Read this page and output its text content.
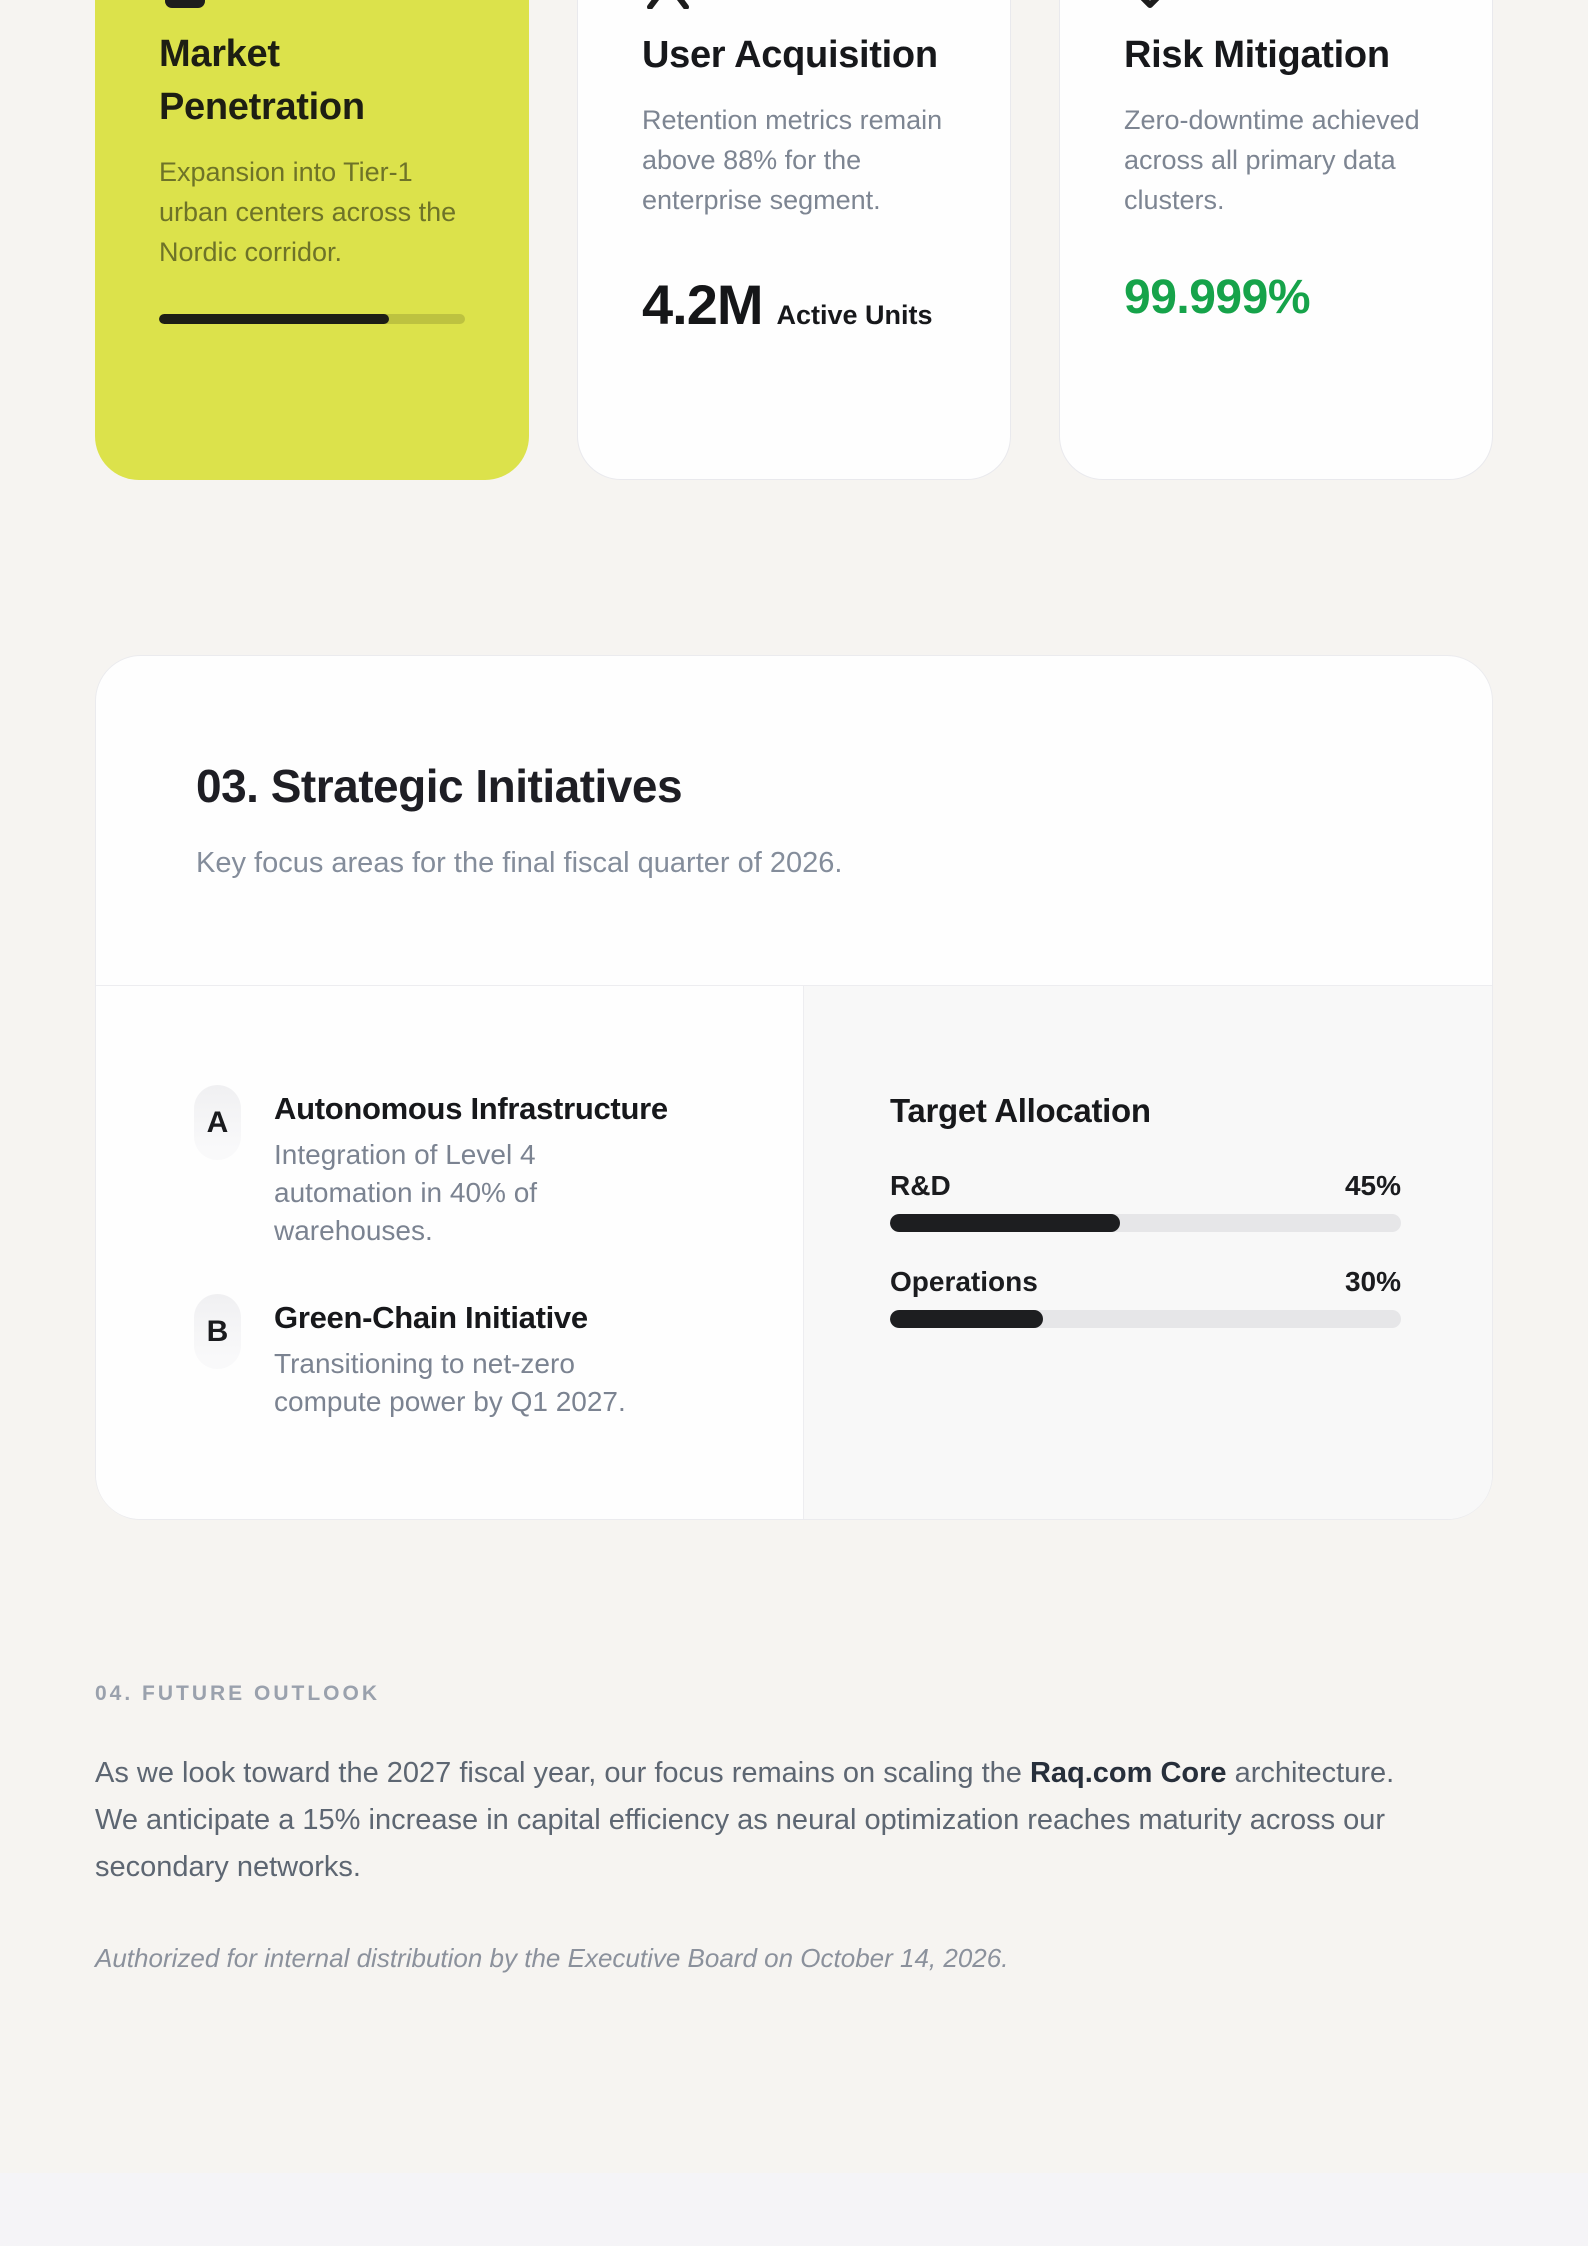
Market Penetration
Expansion into Tier-1 urban centers across the Nordic corridor.
User Acquisition
Retention metrics remain above 88% for the enterprise segment.
4.2M Active Units
Risk Mitigation
Zero-downtime achieved across all primary data clusters.
99.999%
03. Strategic Initiatives
Key focus areas for the final fiscal quarter of 2026.
A	Autonomous Infrastructure
Integration of Level 4 automation in 40% of warehouses.
B	Green-Chain Initiative
Transitioning to net-zero compute power by Q1 2027.
Target Allocation
R&D	45%
Operations	30%
04. FUTURE OUTLOOK

As we look toward the 2027 fiscal year, our focus remains on scaling the Raq.com Core architecture. We anticipate a 15% increase in capital efficiency as neural optimization reaches maturity across our secondary networks.

Authorized for internal distribution by the Executive Board on October 14, 2026.
